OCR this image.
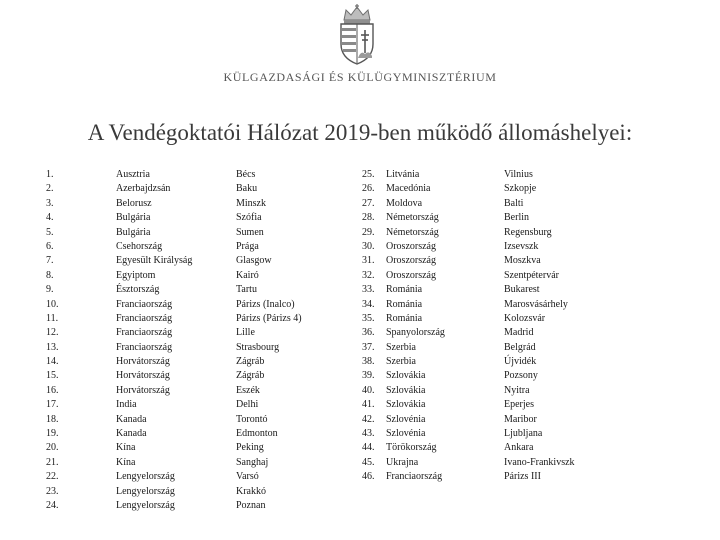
KÜLGAZDASÁGI ÉS KÜLÜGYMINISZTÉRIUM
A Vendégoktatói Hálózat 2019-ben működő állomáshelyei:
1.	Ausztria	Bécs
2.	Azerbajdzsán	Baku
3.	Belorusz	Minszk
4.	Bulgária	Szófia
5.	Bulgária	Sumen
6.	Csehország	Prága
7.	Egyesült Királyság	Glasgow
8.	Egyiptom	Kairó
9.	Észtország	Tartu
10.	Franciaország	Párizs (Inalco)
11.	Franciaország	Párizs (Párizs 4)
12.	Franciaország	Lille
13.	Franciaország	Strasbourg
14.	Horvátország	Zágráb
15.	Horvátország	Zágráb
16.	Horvátország	Eszék
17.	India	Delhi
18.	Kanada	Torontó
19.	Kanada	Edmonton
20.	Kína	Peking
21.	Kína	Sanghaj
22.	Lengyelország	Varsó
23.	Lengyelország	Krakkó
24.	Lengyelország	Poznan
25.	Litvánia	Vilnius
26.	Macedónia	Szkopje
27.	Moldova	Balti
28.	Németország	Berlin
29.	Németország	Regensburg
30.	Oroszország	Izsevszk
31.	Oroszország	Moszkva
32.	Oroszország	Szentpétervár
33.	Románia	Bukarest
34.	Románia	Marosvásárhely
35.	Románia	Kolozsvár
36.	Spanyolország	Madrid
37.	Szerbia	Belgrád
38.	Szerbia	Újvidék
39.	Szlovákia	Pozsony
40.	Szlovákia	Nyitra
41.	Szlovákia	Eperjes
42.	Szlovénia	Maribor
43.	Szlovénia	Ljubljana
44.	Törökország	Ankara
45.	Ukrajna	Ivano-Frankivszk
46.	Franciaország	Párizs III
